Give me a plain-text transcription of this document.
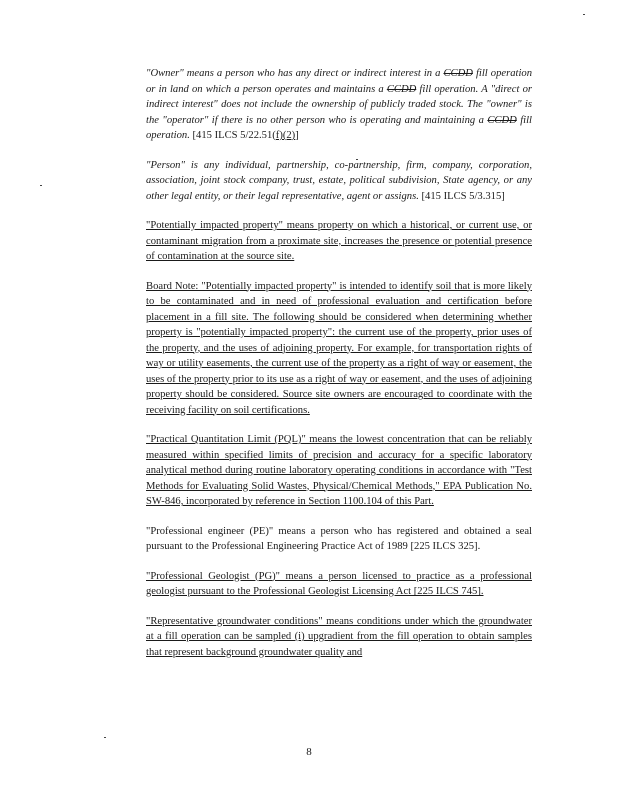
"Owner" means a person who has any direct or indirect interest in a CCDD fill operation or in land on which a person operates and maintains a CCDD fill operation. A "direct or indirect interest" does not include the ownership of publicly traded stock. The "owner" is the "operator" if there is no other person who is operating and maintaining a CCDD fill operation. [415 ILCS 5/22.51(f)(2)]

"Person" is any individual, partnership, co-partnership, firm, company, corporation, association, joint stock company, trust, estate, political subdivision, State agency, or any other legal entity, or their legal representative, agent or assigns. [415 ILCS 5/3.315]

"Potentially impacted property" means property on which a historical, or current use, or contaminant migration from a proximate site, increases the presence or potential presence of contamination at the source site.

Board Note: "Potentially impacted property" is intended to identify soil that is more likely to be contaminated and in need of professional evaluation and certification before placement in a fill site. The following should be considered when determining whether property is "potentially impacted property": the current use of the property, prior uses of the property, and the uses of adjoining property. For example, for transportation rights of way or utility easements, the current use of the property as a right of way or easement, the uses of the property prior to its use as a right of way or easement, and the uses of adjoining property should be considered. Source site owners are encouraged to coordinate with the receiving facility on soil certifications.

"Practical Quantitation Limit (PQL)" means the lowest concentration that can be reliably measured within specified limits of precision and accuracy for a specific laboratory analytical method during routine laboratory operating conditions in accordance with "Test Methods for Evaluating Solid Wastes, Physical/Chemical Methods," EPA Publication No. SW-846, incorporated by reference in Section 1100.104 of this Part.

"Professional engineer (PE)" means a person who has registered and obtained a seal pursuant to the Professional Engineering Practice Act of 1989 [225 ILCS 325].

"Professional Geologist (PG)" means a person licensed to practice as a professional geologist pursuant to the Professional Geologist Licensing Act [225 ILCS 745].

"Representative groundwater conditions" means conditions under which the groundwater at a fill operation can be sampled (i) upgradient from the fill operation to obtain samples that represent background groundwater quality and

8
